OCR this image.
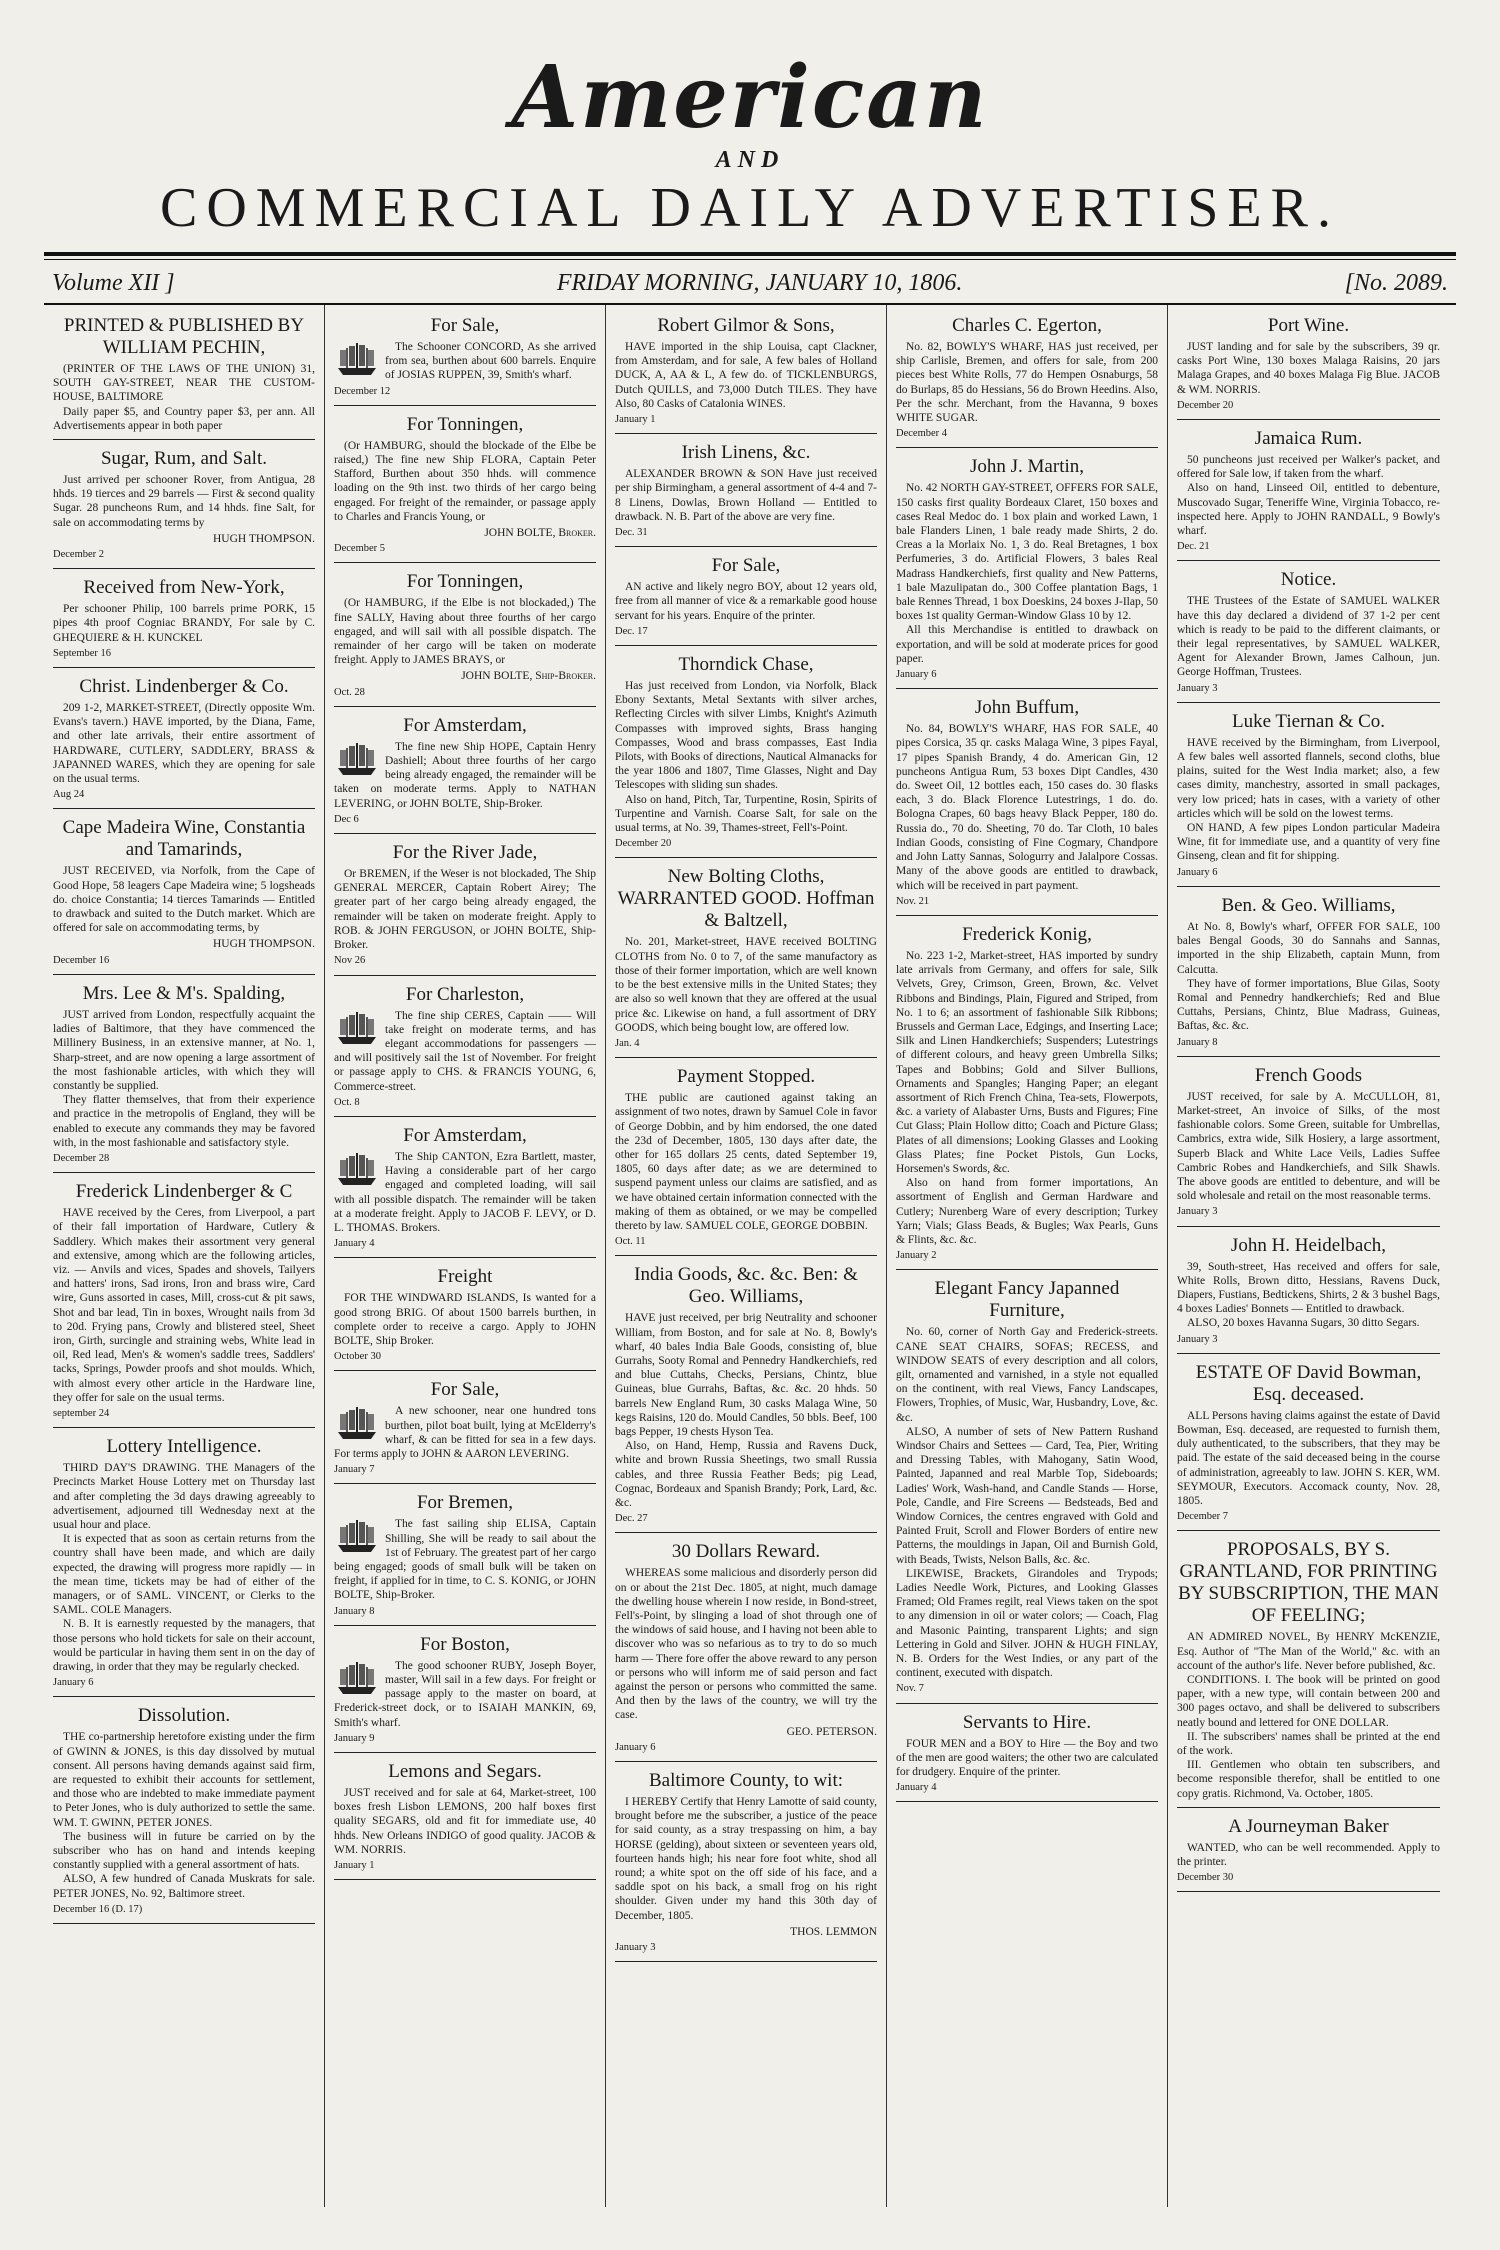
American
AND
COMMERCIAL DAILY ADVERTISER.
Volume XII ]	FRIDAY MORNING, JANUARY 10, 1806.	[No. 2089.
PRINTED & PUBLISHED BY WILLIAM PECHIN,

(PRINTER OF THE LAWS OF THE UNION) 31, SOUTH GAY-STREET, NEAR THE CUSTOM-HOUSE, BALTIMORE

Daily paper $5, and Country paper $3, per ann. All Advertisements appear in both paper

Sugar, Rum, and Salt.

Just arrived per schooner Rover, from Antigua, 28 hhds. 19 tierces and 29 barrels — First & second quality Sugar. 28 puncheons Rum, and 14 hhds. fine Salt, for sale on accommodating terms by

HUGH THOMPSON.
December 2
Received from New-York,

Per schooner Philip, 100 barrels prime PORK, 15 pipes 4th proof Cogniac BRANDY, For sale by C. GHEQUIERE & H. KUNCKEL

September 16
Christ. Lindenberger & Co.

209 1-2, MARKET-STREET, (Directly opposite Wm. Evans's tavern.) HAVE imported, by the Diana, Fame, and other late arrivals, their entire assortment of HARDWARE, CUTLERY, SADDLERY, BRASS & JAPANNED WARES, which they are opening for sale on the usual terms.

Aug 24
Cape Madeira Wine, Constantia and Tamarinds,

JUST RECEIVED, via Norfolk, from the Cape of Good Hope, 58 leagers Cape Madeira wine; 5 logsheads do. choice Constantia; 14 tierces Tamarinds — Entitled to drawback and suited to the Dutch market. Which are offered for sale on accommodating terms, by

HUGH THOMPSON.
December 16
Mrs. Lee & M's. Spalding,

JUST arrived from London, respectfully acquaint the ladies of Baltimore, that they have commenced the Millinery Business, in an extensive manner, at No. 1, Sharp-street, and are now opening a large assortment of the most fashionable articles, with which they will constantly be supplied.

They flatter themselves, that from their experience and practice in the metropolis of England, they will be enabled to execute any commands they may be favored with, in the most fashionable and satisfactory style.

December 28
Frederick Lindenberger & C

HAVE received by the Ceres, from Liverpool, a part of their fall importation of Hardware, Cutlery & Saddlery. Which makes their assortment very general and extensive, among which are the following articles, viz. — Anvils and vices, Spades and shovels, Tailyers and hatters' irons, Sad irons, Iron and brass wire, Card wire, Guns assorted in cases, Mill, cross-cut & pit saws, Shot and bar lead, Tin in boxes, Wrought nails from 3d to 20d. Frying pans, Crowly and blistered steel, Sheet iron, Girth, surcingle and straining webs, White lead in oil, Red lead, Men's & women's saddle trees, Saddlers' tacks, Springs, Powder proofs and shot moulds. Which, with almost every other article in the Hardware line, they offer for sale on the usual terms.

september 24
Lottery Intelligence.

THIRD DAY'S DRAWING. THE Managers of the Precincts Market House Lottery met on Thursday last and after completing the 3d days drawing agreeably to advertisement, adjourned till Wednesday next at the usual hour and place.

It is expected that as soon as certain returns from the country shall have been made, and which are daily expected, the drawing will progress more rapidly — in the mean time, tickets may be had of either of the managers, or of SAML. VINCENT, or Clerks to the SAML. COLE Managers.

N. B. It is earnestly requested by the managers, that those persons who hold tickets for sale on their account, would be particular in having them sent in on the day of drawing, in order that they may be regularly checked.

January 6
Dissolution.

THE co-partnership heretofore existing under the firm of GWINN & JONES, is this day dissolved by mutual consent. All persons having demands against said firm, are requested to exhibit their accounts for settlement, and those who are indebted to make immediate payment to Peter Jones, who is duly authorized to settle the same. WM. T. GWINN, PETER JONES.

The business will in future be carried on by the subscriber who has on hand and intends keeping constantly supplied with a general assortment of hats.

ALSO, A few hundred of Canada Muskrats for sale. PETER JONES, No. 92, Baltimore street.

December 16 (D. 17)
For Sale,

The Schooner CONCORD, As she arrived from sea, burthen about 600 barrels. Enquire of JOSIAS RUPPEN, 39, Smith's wharf.

December 12
For Tonningen,

(Or HAMBURG, should the blockade of the Elbe be raised,) The fine new Ship FLORA, Captain Peter Stafford, Burthen about 350 hhds. will commence loading on the 9th inst. two thirds of her cargo being engaged. For freight of the remainder, or passage apply to Charles and Francis Young, or

JOHN BOLTE, Broker.
December 5
For Tonningen,

(Or HAMBURG, if the Elbe is not blockaded,) The fine SALLY, Having about three fourths of her cargo engaged, and will sail with all possible dispatch. The remainder of her cargo will be taken on moderate freight. Apply to JAMES BRAYS, or

JOHN BOLTE, Ship-Broker.
Oct. 28
For Amsterdam,

The fine new Ship HOPE, Captain Henry Dashiell; About three fourths of her cargo being already engaged, the remainder will be taken on moderate terms. Apply to NATHAN LEVERING, or JOHN BOLTE, Ship-Broker.

Dec 6
For the River Jade,

Or BREMEN, if the Weser is not blockaded, The Ship GENERAL MERCER, Captain Robert Airey; The greater part of her cargo being already engaged, the remainder will be taken on moderate freight. Apply to ROB. & JOHN FERGUSON, or JOHN BOLTE, Ship-Broker.

Nov 26
For Charleston,

The fine ship CERES, Captain —— Will take freight on moderate terms, and has elegant accommodations for passengers — and will positively sail the 1st of November. For freight or passage apply to CHS. & FRANCIS YOUNG, 6, Commerce-street.

Oct. 8
For Amsterdam,

The Ship CANTON, Ezra Bartlett, master, Having a considerable part of her cargo engaged and completed loading, will sail with all possible dispatch. The remainder will be taken at a moderate freight. Apply to JACOB F. LEVY, or D. L. THOMAS. Brokers.

January 4
Freight

FOR THE WINDWARD ISLANDS, Is wanted for a good strong BRIG. Of about 1500 barrels burthen, in complete order to receive a cargo. Apply to JOHN BOLTE, Ship Broker.

October 30
For Sale,

A new schooner, near one hundred tons burthen, pilot boat built, lying at McElderry's wharf, & can be fitted for sea in a few days. For terms apply to JOHN & AARON LEVERING.

January 7
For Bremen,

The fast sailing ship ELISA, Captain Shilling, She will be ready to sail about the 1st of February. The greatest part of her cargo being engaged; goods of small bulk will be taken on freight, if applied for in time, to C. S. KONIG, or JOHN BOLTE, Ship-Broker.

January 8
For Boston,

The good schooner RUBY, Joseph Boyer, master, Will sail in a few days. For freight or passage apply to the master on board, at Frederick-street dock, or to ISAIAH MANKIN, 69, Smith's wharf.

January 9
Lemons and Segars.

JUST received and for sale at 64, Market-street, 100 boxes fresh Lisbon LEMONS, 200 half boxes first quality SEGARS, old and fit for immediate use, 40 hhds. New Orleans INDIGO of good quality. JACOB & WM. NORRIS.

January 1
Robert Gilmor & Sons,

HAVE imported in the ship Louisa, capt Clackner, from Amsterdam, and for sale, A few bales of Holland DUCK, A, AA & L, A few do. of TICKLENBURGS, Dutch QUILLS, and 73,000 Dutch TILES. They have Also, 80 Casks of Catalonia WINES.

January 1
Irish Linens, &c.

ALEXANDER BROWN & SON Have just received per ship Birmingham, a general assortment of 4-4 and 7-8 Linens, Dowlas, Brown Holland — Entitled to drawback. N. B. Part of the above are very fine.

Dec. 31
For Sale,

AN active and likely negro BOY, about 12 years old, free from all manner of vice & a remarkable good house servant for his years. Enquire of the printer.

Dec. 17
Thorndick Chase,

Has just received from London, via Norfolk, Black Ebony Sextants, Metal Sextants with silver arches, Reflecting Circles with silver Limbs, Knight's Azimuth Compasses with improved sights, Brass hanging Compasses, Wood and brass compasses, East India Pilots, with Books of directions, Nautical Almanacks for the year 1806 and 1807, Time Glasses, Night and Day Telescopes with sliding sun shades.

Also on hand, Pitch, Tar, Turpentine, Rosin, Spirits of Turpentine and Varnish. Coarse Salt, for sale on the usual terms, at No. 39, Thames-street, Fell's-Point.

December 20
New Bolting Cloths, WARRANTED GOOD. Hoffman & Baltzell,

No. 201, Market-street, HAVE received BOLTING CLOTHS from No. 0 to 7, of the same manufactory as those of their former importation, which are well known to be the best extensive mills in the United States; they are also so well known that they are offered at the usual price &c. Likewise on hand, a full assortment of DRY GOODS, which being bought low, are offered low.

Jan. 4
Payment Stopped.

THE public are cautioned against taking an assignment of two notes, drawn by Samuel Cole in favor of George Dobbin, and by him endorsed, the one dated the 23d of December, 1805, 130 days after date, the other for 165 dollars 25 cents, dated September 19, 1805, 60 days after date; as we are determined to suspend payment unless our claims are satisfied, and as we have obtained certain information connected with the making of them as obtained, or we may be compelled thereto by law. SAMUEL COLE, GEORGE DOBBIN.

Oct. 11
India Goods, &c. &c. Ben: & Geo. Williams,

HAVE just received, per brig Neutrality and schooner William, from Boston, and for sale at No. 8, Bowly's wharf, 40 bales India Bale Goods, consisting of, blue Gurrahs, Sooty Romal and Pennedry Handkerchiefs, red and blue Cuttahs, Checks, Persians, Chintz, blue Guineas, blue Gurrahs, Baftas, &c. &c. 20 hhds. 50 barrels New England Rum, 30 casks Malaga Wine, 50 kegs Raisins, 120 do. Mould Candles, 50 bbls. Beef, 100 bags Pepper, 19 chests Hyson Tea.

Also, on Hand, Hemp, Russia and Ravens Duck, white and brown Russia Sheetings, two small Russia cables, and three Russia Feather Beds; pig Lead, Cognac, Bordeaux and Spanish Brandy; Pork, Lard, &c. &c.

Dec. 27
30 Dollars Reward.

WHEREAS some malicious and disorderly person did on or about the 21st Dec. 1805, at night, much damage the dwelling house wherein I now reside, in Bond-street, Fell's-Point, by slinging a load of shot through one of the windows of said house, and I having not been able to discover who was so nefarious as to try to do so much harm — There fore offer the above reward to any person or persons who will inform me of said person and fact against the person or persons who committed the same. And then by the laws of the country, we will try the case.

GEO. PETERSON.
January 6
Baltimore County, to wit:

I HEREBY Certify that Henry Lamotte of said county, brought before me the subscriber, a justice of the peace for said county, as a stray trespassing on him, a bay HORSE (gelding), about sixteen or seventeen years old, fourteen hands high; his near fore foot white, shod all round; a white spot on the off side of his face, and a saddle spot on his back, a small frog on his right shoulder. Given under my hand this 30th day of December, 1805.

THOS. LEMMON
January 3
Charles C. Egerton,

No. 82, BOWLY'S WHARF, HAS just received, per ship Carlisle, Bremen, and offers for sale, from 200 pieces best White Rolls, 77 do Hempen Osnaburgs, 58 do Burlaps, 85 do Hessians, 56 do Brown Heedins. Also, Per the schr. Merchant, from the Havanna, 9 boxes WHITE SUGAR.

December 4
John J. Martin,

No. 42 NORTH GAY-STREET, OFFERS FOR SALE, 150 casks first quality Bordeaux Claret, 150 boxes and cases Real Medoc do. 1 box plain and worked Lawn, 1 bale Flanders Linen, 1 bale ready made Shirts, 2 do. Creas a la Morlaix No. 1, 3 do. Real Bretagnes, 1 box Perfumeries, 3 do. Artificial Flowers, 3 bales Real Madrass Handkerchiefs, first quality and New Patterns, 1 bale Mazulipatan do., 300 Coffee plantation Bags, 1 bale Rennes Thread, 1 box Doeskins, 24 boxes J-Ilap, 50 boxes 1st quality German-Window Glass 10 by 12.

All this Merchandise is entitled to drawback on exportation, and will be sold at moderate prices for good paper.

January 6
John Buffum,

No. 84, BOWLY'S WHARF, HAS FOR SALE, 40 pipes Corsica, 35 qr. casks Malaga Wine, 3 pipes Fayal, 17 pipes Spanish Brandy, 4 do. American Gin, 12 puncheons Antigua Rum, 53 boxes Dipt Candles, 430 do. Sweet Oil, 12 bottles each, 150 cases do. 30 flasks each, 3 do. Black Florence Lutestrings, 1 do. do. Bologna Crapes, 60 bags heavy Black Pepper, 180 do. Russia do., 70 do. Sheeting, 70 do. Tar Cloth, 10 bales Indian Goods, consisting of Fine Cogmary, Chandpore and John Latty Sannas, Sologurry and Jalalpore Cossas. Many of the above goods are entitled to drawback, which will be received in part payment.

Nov. 21
Frederick Konig,

No. 223 1-2, Market-street, HAS imported by sundry late arrivals from Germany, and offers for sale, Silk Velvets, Grey, Crimson, Green, Brown, &c. Velvet Ribbons and Bindings, Plain, Figured and Striped, from No. 1 to 6; an assortment of fashionable Silk Ribbons; Brussels and German Lace, Edgings, and Inserting Lace; Silk and Linen Handkerchiefs; Suspenders; Lutestrings of different colours, and heavy green Umbrella Silks; Tapes and Bobbins; Gold and Silver Bullions, Ornaments and Spangles; Hanging Paper; an elegant assortment of Rich French China, Tea-sets, Flowerpots, &c. a variety of Alabaster Urns, Busts and Figures; Fine Cut Glass; Plain Hollow ditto; Coach and Picture Glass; Plates of all dimensions; Looking Glasses and Looking Glass Plates; fine Pocket Pistols, Gun Locks, Horsemen's Swords, &c.

Also on hand from former importations, An assortment of English and German Hardware and Cutlery; Nurenberg Ware of every description; Turkey Yarn; Vials; Glass Beads, & Bugles; Wax Pearls, Guns & Flints, &c. &c.

January 2
Elegant Fancy Japanned Furniture,

No. 60, corner of North Gay and Frederick-streets. CANE SEAT CHAIRS, SOFAS; RECESS, and WINDOW SEATS of every description and all colors, gilt, ornamented and varnished, in a style not equalled on the continent, with real Views, Fancy Landscapes, Flowers, Trophies, of Music, War, Husbandry, Love, &c. &c.

ALSO, A number of sets of New Pattern Rushand Windsor Chairs and Settees — Card, Tea, Pier, Writing and Dressing Tables, with Mahogany, Satin Wood, Painted, Japanned and real Marble Top, Sideboards; Ladies' Work, Wash-hand, and Candle Stands — Horse, Pole, Candle, and Fire Screens — Bedsteads, Bed and Window Cornices, the centres engraved with Gold and Painted Fruit, Scroll and Flower Borders of entire new Patterns, the mouldings in Japan, Oil and Burnish Gold, with Beads, Twists, Nelson Balls, &c. &c.

LIKEWISE, Brackets, Girandoles and Trypods; Ladies Needle Work, Pictures, and Looking Glasses Framed; Old Frames regilt, real Views taken on the spot to any dimension in oil or water colors; — Coach, Flag and Masonic Painting, transparent Lights; and sign Lettering in Gold and Silver. JOHN & HUGH FINLAY, N. B. Orders for the West Indies, or any part of the continent, executed with dispatch.

Nov. 7
Servants to Hire.

FOUR MEN and a BOY to Hire — the Boy and two of the men are good waiters; the other two are calculated for drudgery. Enquire of the printer.

January 4
Port Wine.

JUST landing and for sale by the subscribers, 39 qr. casks Port Wine, 130 boxes Malaga Raisins, 20 jars Malaga Grapes, and 40 boxes Malaga Fig Blue. JACOB & WM. NORRIS.

December 20
Jamaica Rum.

50 puncheons just received per Walker's packet, and offered for Sale low, if taken from the wharf.

Also on hand, Linseed Oil, entitled to debenture, Muscovado Sugar, Teneriffe Wine, Virginia Tobacco, re-inspected here. Apply to JOHN RANDALL, 9 Bowly's wharf.

Dec. 21
Notice.

THE Trustees of the Estate of SAMUEL WALKER have this day declared a dividend of 37 1-2 per cent which is ready to be paid to the different claimants, or their legal representatives, by SAMUEL WALKER, Agent for Alexander Brown, James Calhoun, jun. George Hoffman, Trustees.

January 3
Luke Tiernan & Co.

HAVE received by the Birmingham, from Liverpool, A few bales well assorted flannels, second cloths, blue plains, suited for the West India market; also, a few cases dimity, manchestry, assorted in small packages, very low priced; hats in cases, with a variety of other articles which will be sold on the lowest terms.

ON HAND, A few pipes London particular Madeira Wine, fit for immediate use, and a quantity of very fine Ginseng, clean and fit for shipping.

January 6
Ben. & Geo. Williams,

At No. 8, Bowly's wharf, OFFER FOR SALE, 100 bales Bengal Goods, 30 do Sannahs and Sannas, imported in the ship Elizabeth, captain Munn, from Calcutta.

They have of former importations, Blue Gilas, Sooty Romal and Pennedry handkerchiefs; Red and Blue Cuttahs, Persians, Chintz, Blue Madrass, Guineas, Baftas, &c. &c.

January 8
French Goods

JUST received, for sale by A. McCULLOH, 81, Market-street, An invoice of Silks, of the most fashionable colors. Some Green, suitable for Umbrellas, Cambrics, extra wide, Silk Hosiery, a large assortment, Superb Black and White Lace Veils, Ladies Suffee Cambric Robes and Handkerchiefs, and Silk Shawls. The above goods are entitled to debenture, and will be sold wholesale and retail on the most reasonable terms.

January 3
John H. Heidelbach,

39, South-street, Has received and offers for sale, White Rolls, Brown ditto, Hessians, Ravens Duck, Diapers, Fustians, Bedtickens, Shirts, 2 & 3 bushel Bags, 4 boxes Ladies' Bonnets — Entitled to drawback.

ALSO, 20 boxes Havanna Sugars, 30 ditto Segars.

January 3
ESTATE OF David Bowman, Esq. deceased.

ALL Persons having claims against the estate of David Bowman, Esq. deceased, are requested to furnish them, duly authenticated, to the subscribers, that they may be paid. The estate of the said deceased being in the course of administration, agreeably to law. JOHN S. KER, WM. SEYMOUR, Executors. Accomack county, Nov. 28, 1805.

December 7
PROPOSALS, BY S. GRANTLAND, FOR PRINTING BY SUBSCRIPTION, THE MAN OF FEELING;

AN ADMIRED NOVEL, By HENRY McKENZIE, Esq. Author of "The Man of the World," &c. with an account of the author's life. Never before published, &c.

CONDITIONS. I. The book will be printed on good paper, with a new type, will contain between 200 and 300 pages octavo, and shall be delivered to subscribers neatly bound and lettered for ONE DOLLAR.

II. The subscribers' names shall be printed at the end of the work.

III. Gentlemen who obtain ten subscribers, and become responsible therefor, shall be entitled to one copy gratis. Richmond, Va. October, 1805.

A Journeyman Baker

WANTED, who can be well recommended. Apply to the printer.

December 30
